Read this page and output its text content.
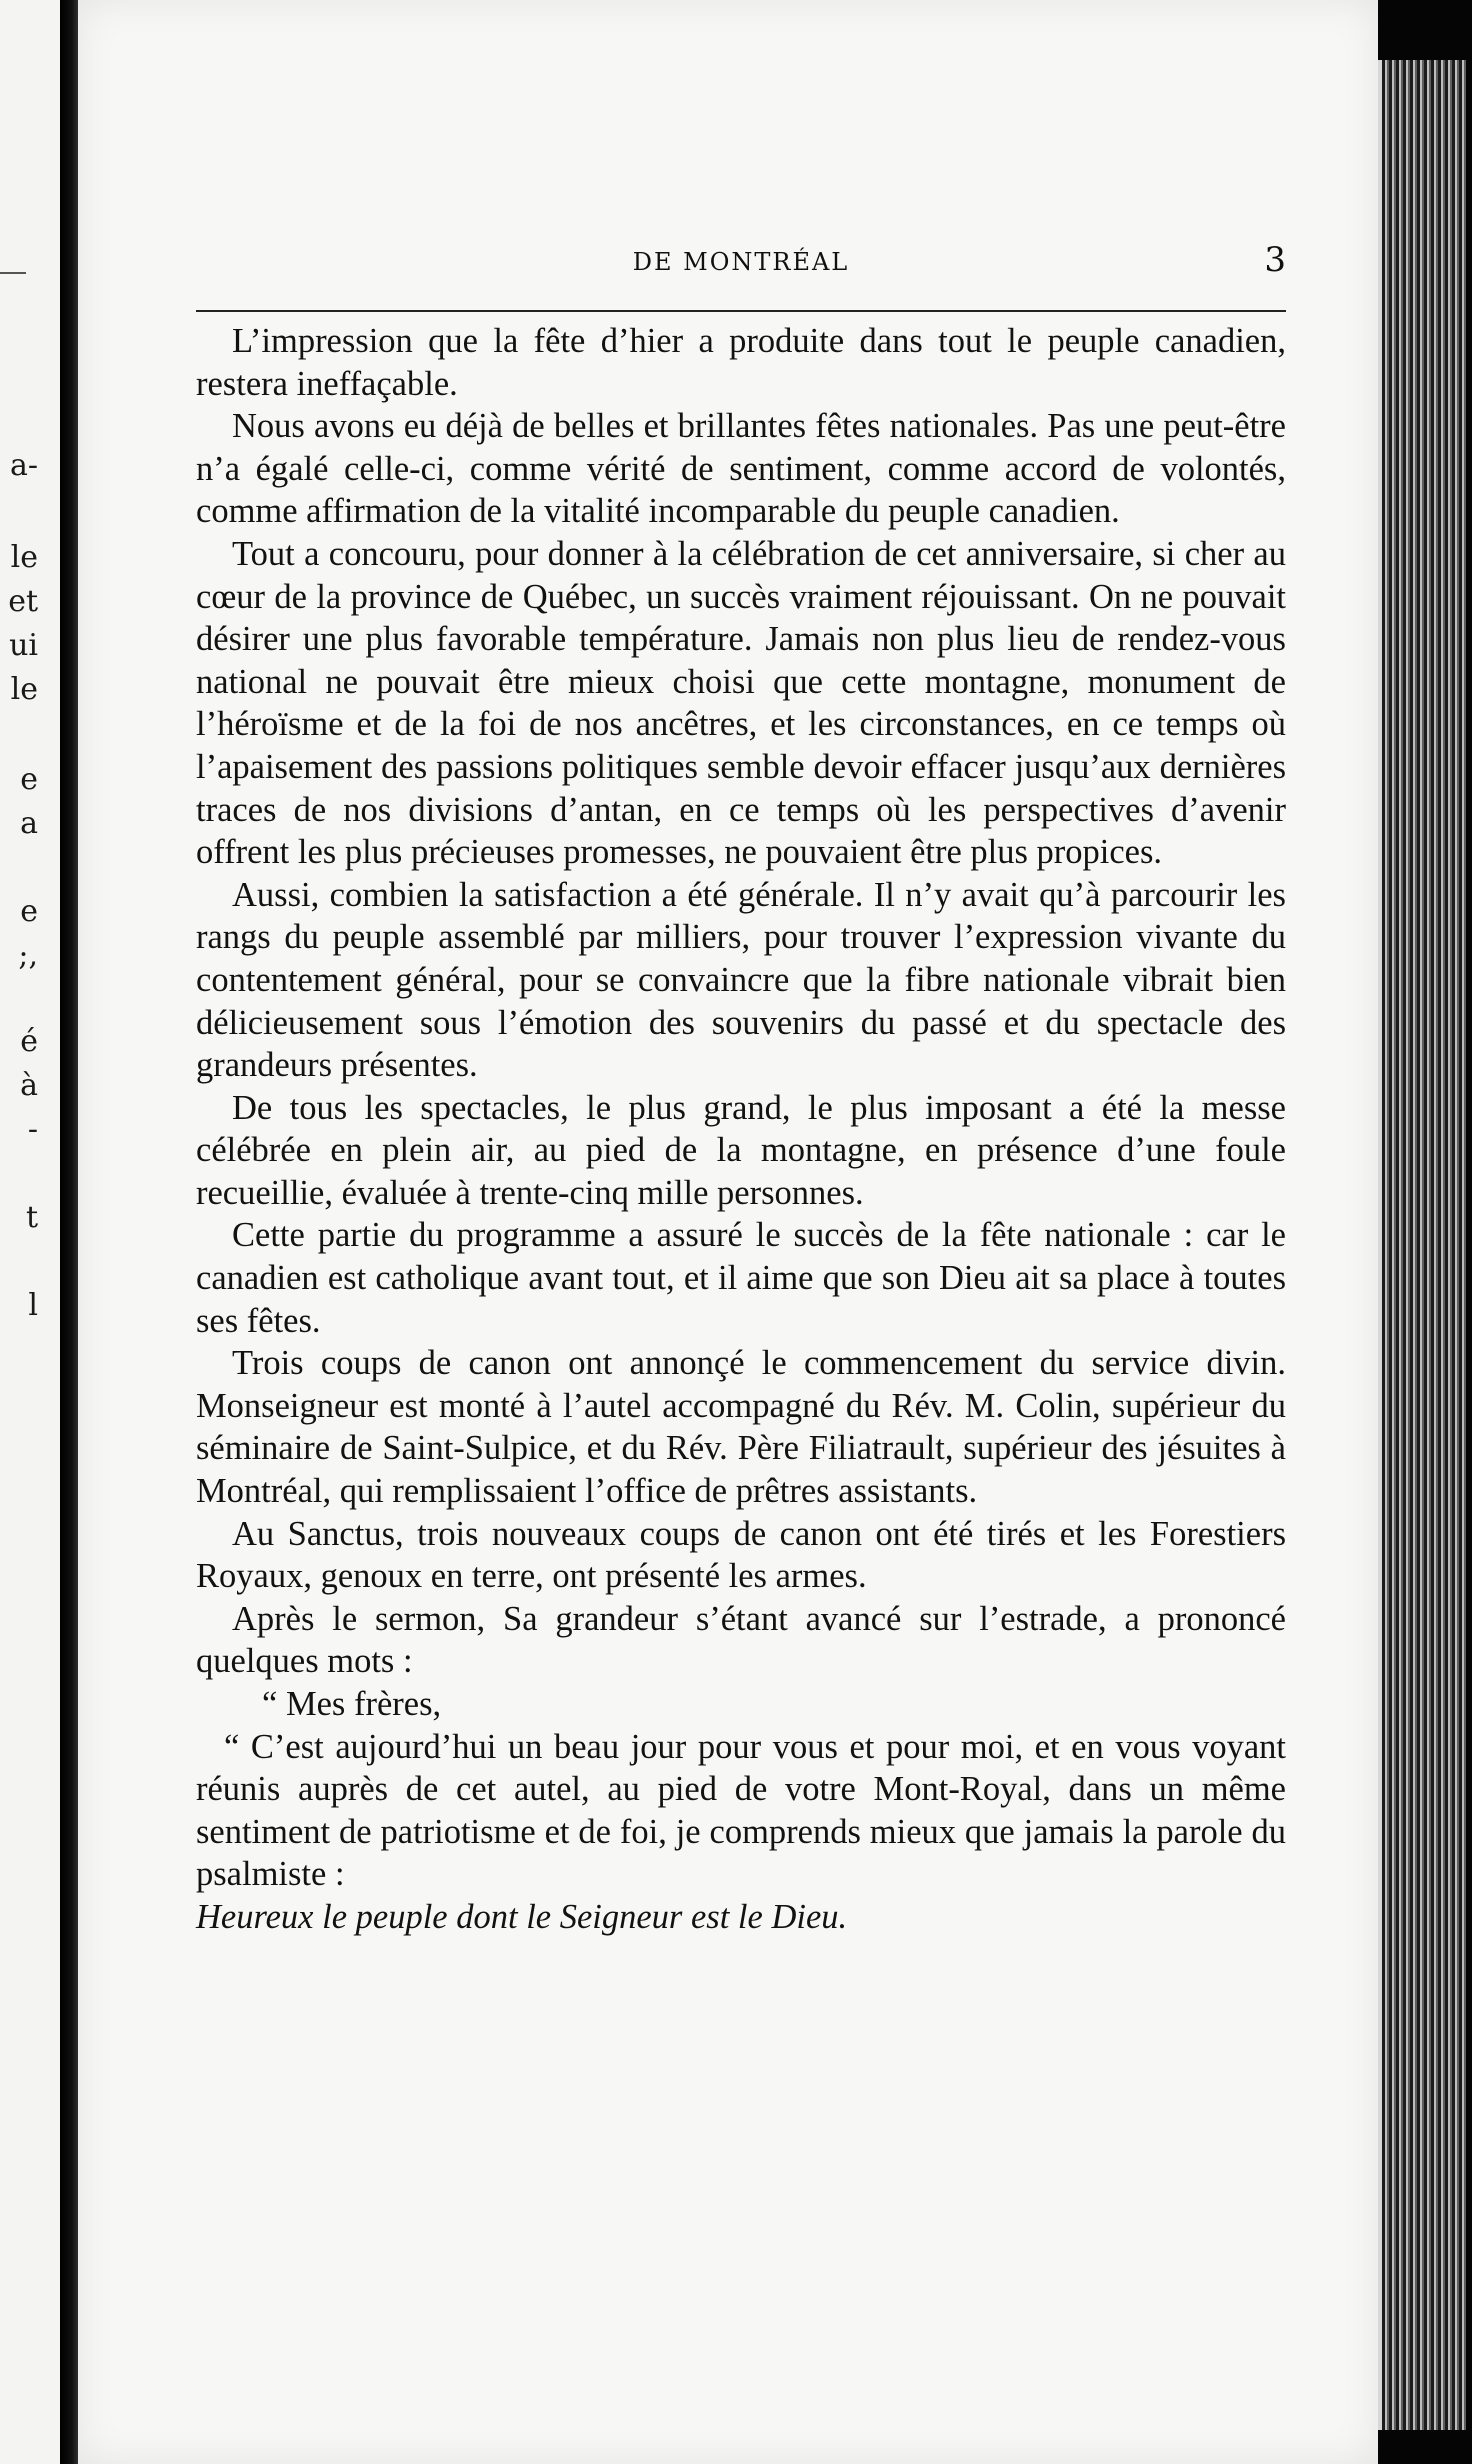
a-
le
et
ui
le
e
a
e
;,
é
à
-
t
l
DE MONTRÉAL	3

L’impression que la fête d’hier a produite dans tout le peuple canadien, restera ineffaçable.

Nous avons eu déjà de belles et brillantes fêtes nationales. Pas une peut-être n’a égalé celle-ci, comme vérité de sentiment, comme accord de volontés, comme affirmation de la vitalité incomparable du peuple canadien.

Tout a concouru, pour donner à la célébration de cet anniversaire, si cher au cœur de la province de Québec, un succès vraiment réjouissant. On ne pouvait désirer une plus favorable température. Jamais non plus lieu de rendez-vous national ne pouvait être mieux choisi que cette montagne, monument de l’héroïsme et de la foi de nos ancêtres, et les circonstances, en ce temps où l’apaisement des passions politiques semble devoir effacer jusqu’aux dernières traces de nos divisions d’antan, en ce temps où les perspectives d’avenir offrent les plus précieuses promesses, ne pouvaient être plus propices.

Aussi, combien la satisfaction a été générale. Il n’y avait qu’à parcourir les rangs du peuple assemblé par milliers, pour trouver l’expression vivante du contentement général, pour se convaincre que la fibre nationale vibrait bien délicieusement sous l’émotion des souvenirs du passé et du spectacle des grandeurs présentes.

De tous les spectacles, le plus grand, le plus imposant a été la messe célébrée en plein air, au pied de la montagne, en présence d’une foule recueillie, évaluée à trente-cinq mille personnes.

Cette partie du programme a assuré le succès de la fête nationale : car le canadien est catholique avant tout, et il aime que son Dieu ait sa place à toutes ses fêtes.

Trois coups de canon ont annonçé le commencement du service divin. Monseigneur est monté à l’autel accompagné du Rév. M. Colin, supérieur du séminaire de Saint-Sulpice, et du Rév. Père Filiatrault, supérieur des jésuites à Montréal, qui remplissaient l’office de prêtres assistants.

Au Sanctus, trois nouveaux coups de canon ont été tirés et les Forestiers Royaux, genoux en terre, ont présenté les armes.

Après le sermon, Sa grandeur s’étant avancé sur l’estrade, a prononcé quelques mots :

“ Mes frères,

“ C’est aujourd’hui un beau jour pour vous et pour moi, et en vous voyant réunis auprès de cet autel, au pied de votre Mont-Royal, dans un même sentiment de patriotisme et de foi, je comprends mieux que jamais la parole du psalmiste :

Heureux le peuple dont le Seigneur est le Dieu.
